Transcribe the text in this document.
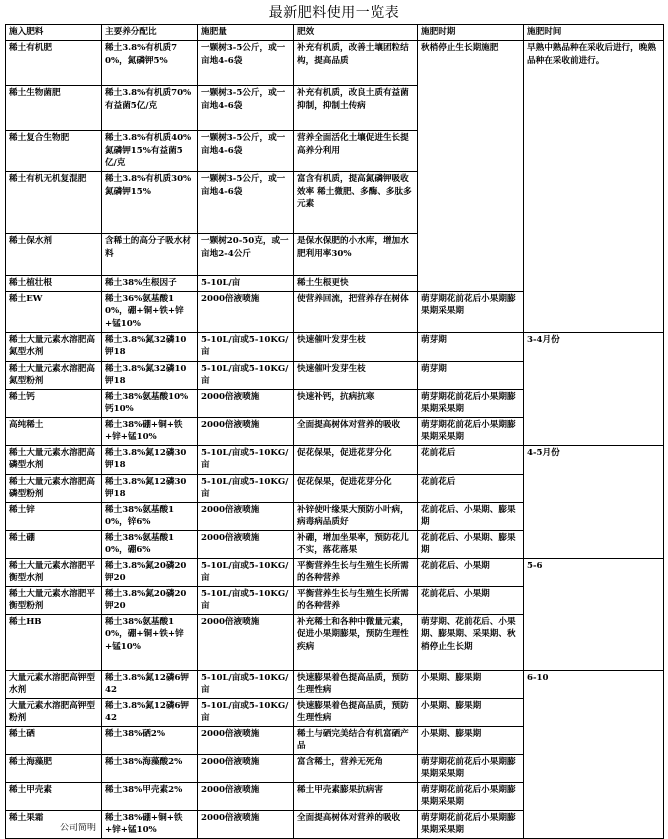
最新肥料使用一览表
施入肥料	主要养分配比	施肥量	肥效	施肥时期	施肥时间
稀土有机肥	稀土3.8%有机质70%，氮磷钾5%	一颗树3-5公斤，或一亩地4-6袋	补充有机质，改善土壤团粒结构，提高品质	秋梢停止生长期施肥	早熟中熟品种在采收后进行，晚熟品种在采收前进行。
稀土生物菌肥	稀土3.8%有机质70%有益菌5亿/克	一颗树3-5公斤，或一亩地4-6袋	补充有机质，改良土质有益菌抑制，抑制土传病		
稀土复合生物肥	稀土3.8%有机质40%氮磷钾15%有益菌5亿/克	一颗树3-5公斤，或一亩地4-6袋	营养全面活化土壤促进生长提高养分利用		
稀土有机无机复混肥	稀土3.8%有机质30%氮磷钾15%	一颗树3-5公斤，或一亩地4-6袋	富含有机质，提高氮磷钾吸收效率 稀土微肥、多酶、多肽多元素		
稀土保水剂	含稀土的高分子吸水材料	一颗树20-50克，或一亩地2-4公斤	是保水保肥的小水库，增加水肥利用率30%		
稀土植壮根	稀土38%生根因子	5-10L/亩	稀土生根更快		
稀土EW	稀土36%氨基酸10%，硼+铜+铁+锌+锰10%	2000倍液喷施	使营养回流，把营养存在树体	萌芽期花前花后小果期膨果期采果期	
稀土大量元素水溶肥高氮型水剂	稀土3.8%氮32磷10钾18	5-10L/亩或5-10KG/亩	快速催叶发芽生枝	萌芽期	3-4月份
稀土大量元素水溶肥高氮型粉剂	稀土3.8%氮32磷10钾18	5-10L/亩或5-10KG/亩	快速催叶发芽生枝	萌芽期	
稀土钙	稀土38%氨基酸10%钙10%	2000倍液喷施	快速补钙，抗病抗寒	萌芽期花前花后小果期膨果期采果期	
高纯稀土	稀土38%硼+铜+铁+锌+锰10%	2000倍液喷施	全面提高树体对营养的吸收	萌芽期花前花后小果期膨果期采果期	
稀土大量元素水溶肥高磷型水剂	稀土3.8%氮12磷30钾18	5-10L/亩或5-10KG/亩	促花保果，促进花芽分化	花前花后	4-5月份
稀土大量元素水溶肥高磷型粉剂	稀土3.8%氮12磷30钾18	5-10L/亩或5-10KG/亩	促花保果，促进花芽分化	花前花后	
稀土锌	稀土38%氨基酸10%，锌6%	2000倍液喷施	补锌使叶缘果大预防小叶病，病毒病品质好	花前花后、小果期、膨果期	
稀土硼	稀土38%氨基酸10%，硼6%	2000倍液喷施	补硼，增加坐果率，预防花儿不实，落花落果	花前花后、小果期、膨果期	
稀土大量元素水溶肥平衡型水剂	稀土3.8%氮20磷20钾20	5-10L/亩或5-10KG/亩	平衡营养生长与生殖生长所需的各种营养	花前花后、小果期	5-6
稀土大量元素水溶肥平衡型粉剂	稀土3.8%氮20磷20钾20	5-10L/亩或5-10KG/亩	平衡营养生长与生殖生长所需的各种营养	花前花后、小果期	
稀土HB	稀土38%氨基酸10%，硼+铜+铁+锌+锰10%	2000倍液喷施	补充稀土和各种中微量元素，促进小果期膨果，预防生理性疾病	萌芽期、花前花后、小果期、膨果期、采果期、秋梢停止生长期	
大量元素水溶肥高钾型水剂	稀土3.8%氮12磷6钾42	5-10L/亩或5-10KG/亩	快速膨果着色提高品质，预防生理性病	小果期、膨果期	6-10
大量元素水溶肥高钾型粉剂	稀土3.8%氮12磷6钾42	5-10L/亩或5-10KG/亩	快速膨果着色提高品质，预防生理性病	小果期、膨果期	
稀土硒	稀土38%硒2%	2000倍液喷施	稀土与硒完美结合有机富硒产品	小果期、膨果期	
稀土海藻肥	稀土38%海藻酸2%	2000倍液喷施	富含稀土，营养无死角	萌芽期花前花后小果期膨果期采果期	
稀土甲壳素	稀土38%甲壳素2%	2000倍液喷施	稀土甲壳素膨果抗病害	萌芽期花前花后小果期膨果期采果期	
稀土果霜	稀土38%硼+铜+铁+锌+锰10%	2000倍液喷施	全面提高树体对营养的吸收	萌芽期花前花后小果期膨果期采果期	
公司简明
